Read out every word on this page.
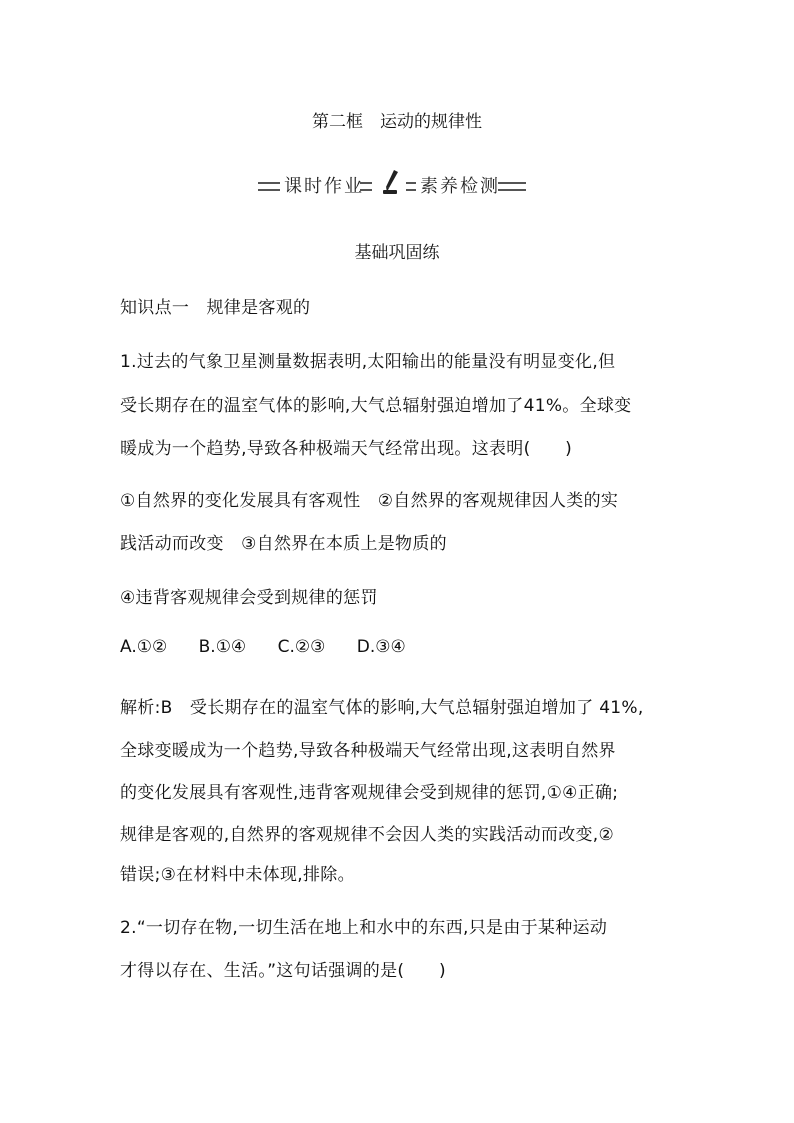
第二框　运动的规律性
课时作业	素养检测
基础巩固练
知识点一　规律是客观的
1.过去的气象卫星测量数据表明,太阳输出的能量没有明显变化,但
受长期存在的温室气体的影响,大气总辐射强迫增加了41%。全球变
暖成为一个趋势,导致各种极端天气经常出现。这表明(　　)
①自然界的变化发展具有客观性　②自然界的客观规律因人类的实
践活动而改变　③自然界在本质上是物质的
④违背客观规律会受到规律的惩罚
A.①② B.①④ C.②③ D.③④
解析:B　受长期存在的温室气体的影响,大气总辐射强迫增加了 41%,
全球变暖成为一个趋势,导致各种极端天气经常出现,这表明自然界
的变化发展具有客观性,违背客观规律会受到规律的惩罚,①④正确;
规律是客观的,自然界的客观规律不会因人类的实践活动而改变,②
错误;③在材料中未体现,排除。
2.“一切存在物,一切生活在地上和水中的东西,只是由于某种运动
才得以存在、生活。”这句话强调的是(　　)
